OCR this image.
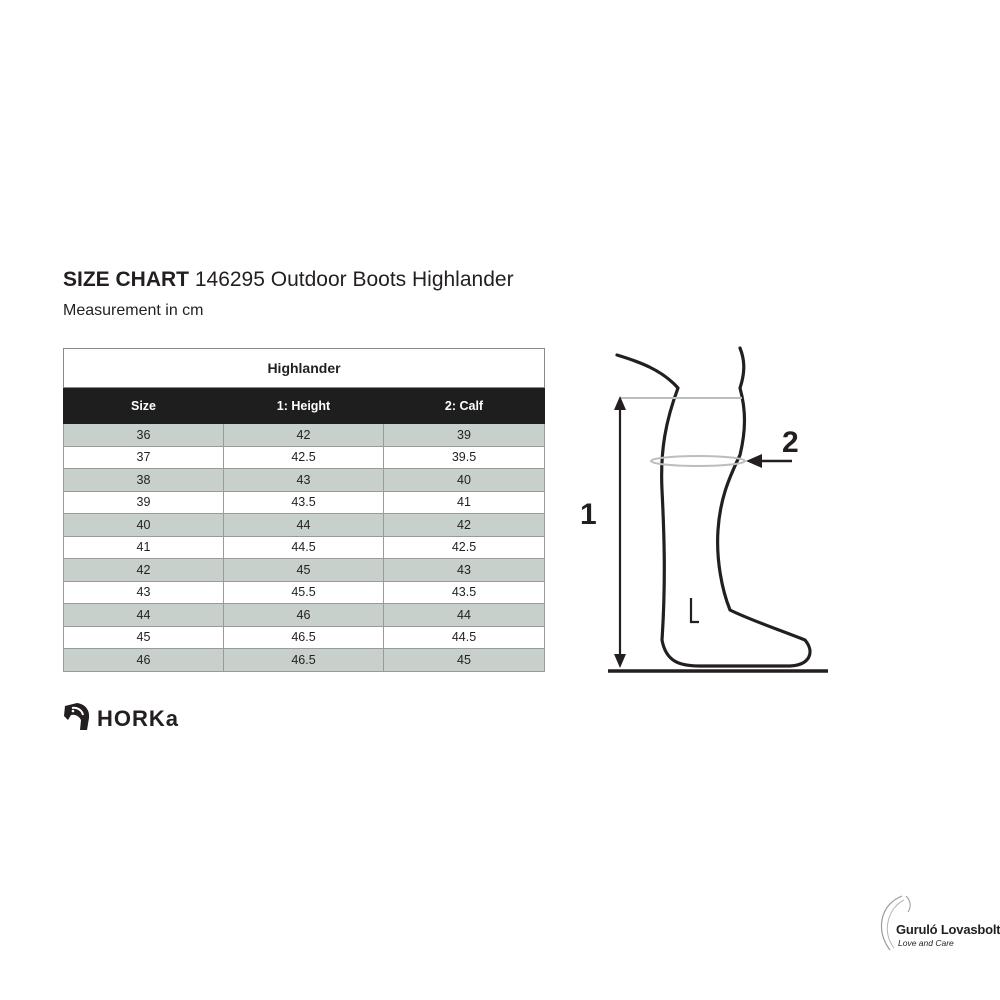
SIZE CHART 146295 Outdoor Boots Highlander
Measurement in cm
Highlander		
Size	1: Height	2: Calf
36	42	39
37	42.5	39.5
38	43	40
39	43.5	41
40	44	42
41	44.5	42.5
42	45	43
43	45.5	43.5
44	46	44
45	46.5	44.5
46	46.5	45
HORKa
1
2
Guruló Lovasbolt
Love and Care
